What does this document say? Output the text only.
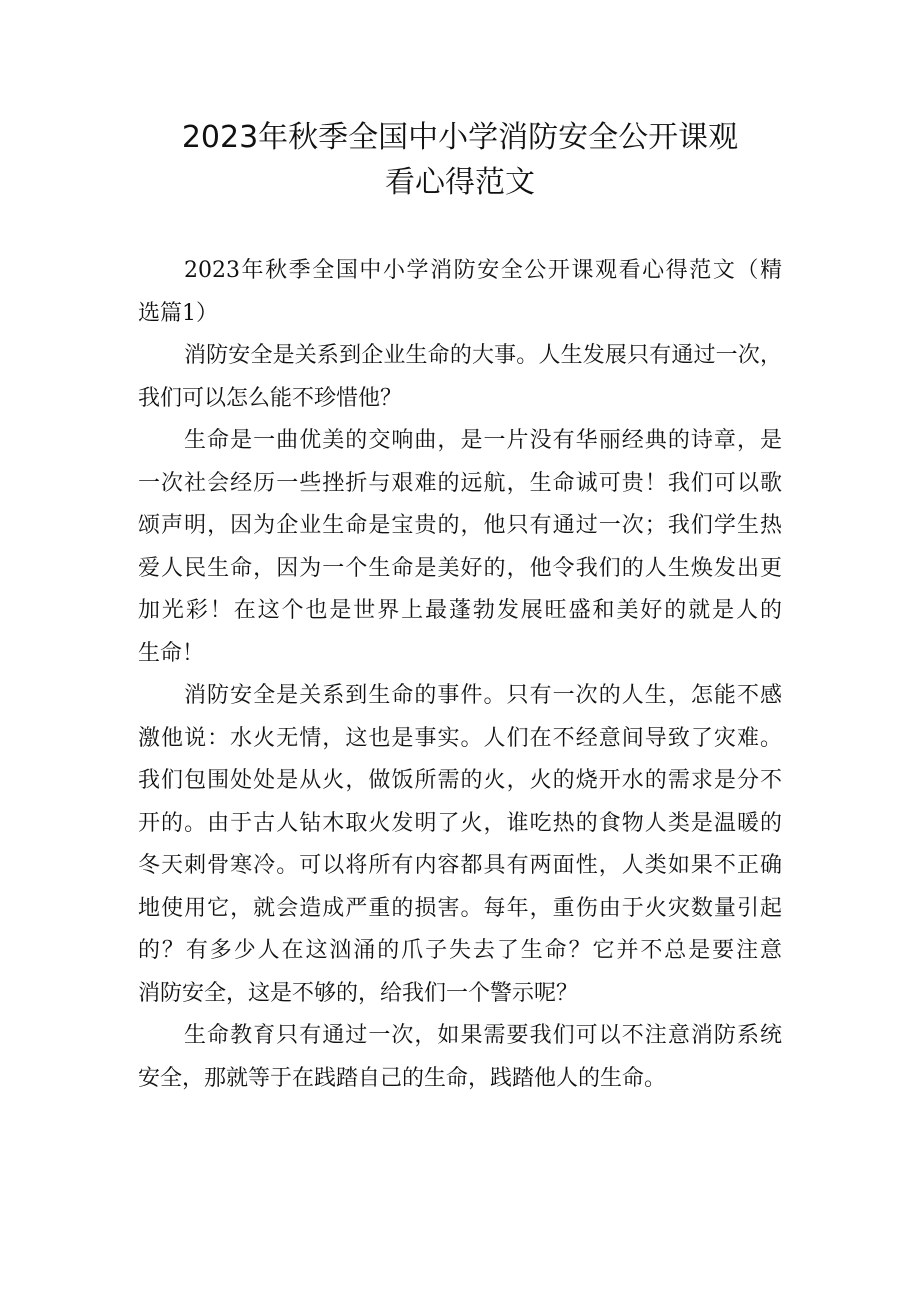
2023年秋季全国中小学消防安全公开课观
看心得范文
2023年秋季全国中小学消防安全公开课观看心得范文（精
选篇1）
消防安全是关系到企业生命的大事。人生发展只有通过一次，
我们可以怎么能不珍惜他？
生命是一曲优美的交响曲，是一片没有华丽经典的诗章，是
一次社会经历一些挫折与艰难的远航，生命诚可贵！我们可以歌
颂声明，因为企业生命是宝贵的，他只有通过一次；我们学生热
爱人民生命，因为一个生命是美好的，他令我们的人生焕发出更
加光彩！在这个也是世界上最蓬勃发展旺盛和美好的就是人的
生命！
消防安全是关系到生命的事件。只有一次的人生，怎能不感
激他说：水火无情，这也是事实。人们在不经意间导致了灾难。
我们包围处处是从火，做饭所需的火，火的烧开水的需求是分不
开的。由于古人钻木取火发明了火，谁吃热的食物人类是温暖的
冬天刺骨寒冷。可以将所有内容都具有两面性，人类如果不正确
地使用它，就会造成严重的损害。每年，重伤由于火灾数量引起
的？有多少人在这汹涌的爪子失去了生命？它并不总是要注意
消防安全，这是不够的，给我们一个警示呢？
生命教育只有通过一次，如果需要我们可以不注意消防系统
安全，那就等于在践踏自己的生命，践踏他人的生命。
